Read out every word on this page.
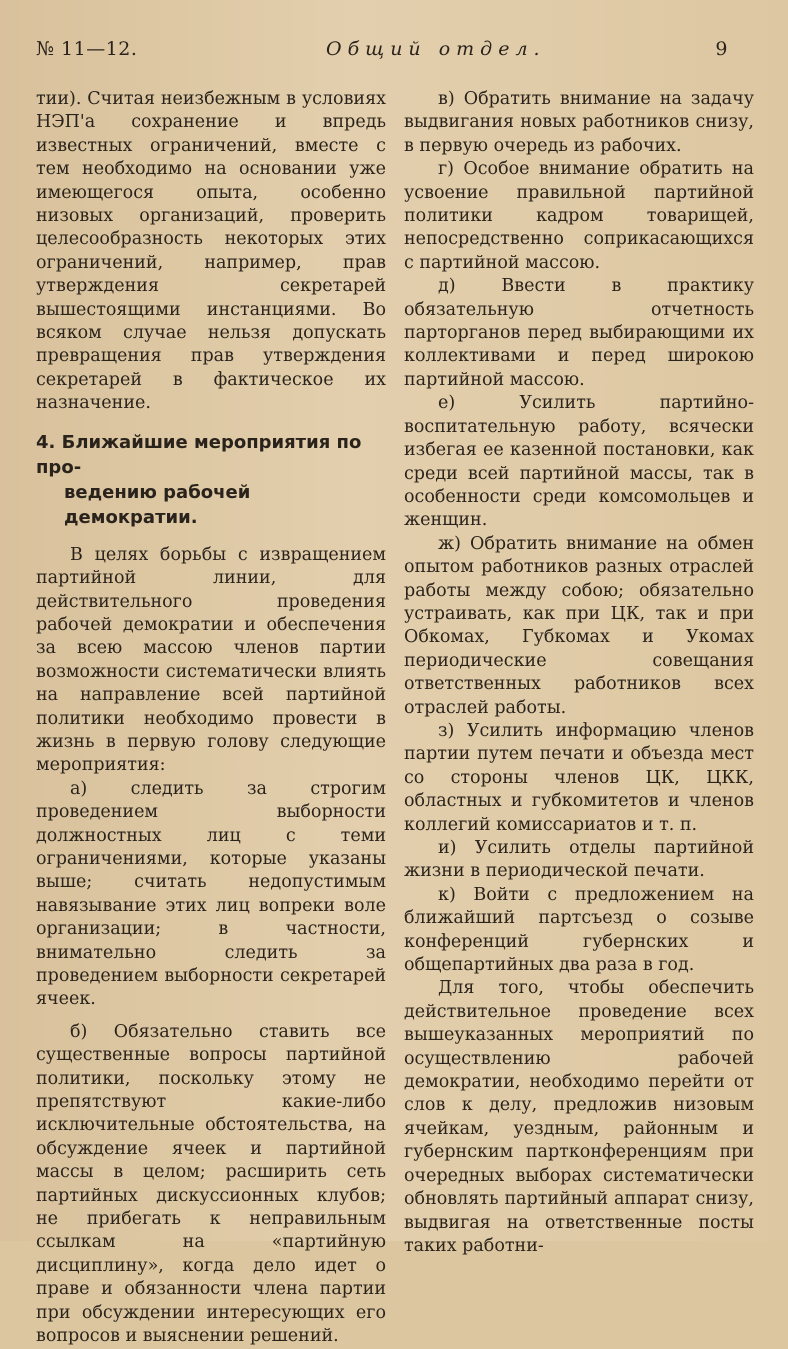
№ 11—12.	Общий отдел.	9

тии). Считая неизбежным в условиях НЭП'а сохранение и впредь известных ограничений, вместе с тем необходимо на основании уже имеющегося опыта, особенно низовых организаций, проверить целесообразность некоторых этих ограничений, например, прав утверждения секретарей вышестоящими инстанциями. Во всяком случае нельзя допускать превращения прав утверждения секретарей в фактическое их назначение.

4. Ближайшие мероприятия по про-
ведению рабочей демократии.

В целях борьбы с извращением партийной линии, для действительного проведения рабочей демократии и обеспечения за всею массою членов партии возможности систематически влиять на направление всей партийной политики необходимо провести в жизнь в первую голову следующие мероприятия:

а) следить за строгим проведением выборности должностных лиц с теми ограничениями, которые указаны выше; считать недопустимым навязывание этих лиц вопреки воле организации; в частности, внимательно следить за проведением выборности секретарей ячеек.

б) Обязательно ставить все существенные вопросы партийной политики, поскольку этому не препятствуют какие-либо исключительные обстоятельства, на обсуждение ячеек и партийной массы в целом; расширить сеть партийных дискуссионных клубов; не прибегать к неправильным ссылкам на «партийную дисциплину», когда дело идет о праве и обязанности члена партии при обсуждении интересующих его вопросов и выяснении решений.

в) Обратить внимание на задачу выдвигания новых работников снизу, в первую очередь из рабочих.

г) Особое внимание обратить на усвоение правильной партийной политики кадром товарищей, непосредственно соприкасающихся с партийной массою.

д) Ввести в практику обязательную отчетность парторганов перед выбирающими их коллективами и перед широкою партийной массою.

е) Усилить партийно-воспитательную работу, всячески избегая ее казенной постановки, как среди всей партийной массы, так в особенности среди комсомольцев и женщин.

ж) Обратить внимание на обмен опытом работников разных отраслей работы между собою; обязательно устраивать, как при ЦК, так и при Обкомах, Губкомах и Укомах периодические совещания ответственных работников всех отраслей работы.

з) Усилить информацию членов партии путем печати и объезда мест со стороны членов ЦК, ЦКК, областных и губкомитетов и членов коллегий комиссариатов и т. п.

и) Усилить отделы партийной жизни в периодической печати.

к) Войти с предложением на ближайший партсъезд о созыве конференций губернских и общепартийных два раза в год.

Для того, чтобы обеспечить действительное проведение всех вышеуказанных мероприятий по осуществлению рабочей демократии, необходимо перейти от слов к делу, предложив низовым ячейкам, уездным, районным и губернским партконференциям при очередных выборах систематически обновлять партийный аппарат снизу, выдвигая на ответственные посты таких работни-
